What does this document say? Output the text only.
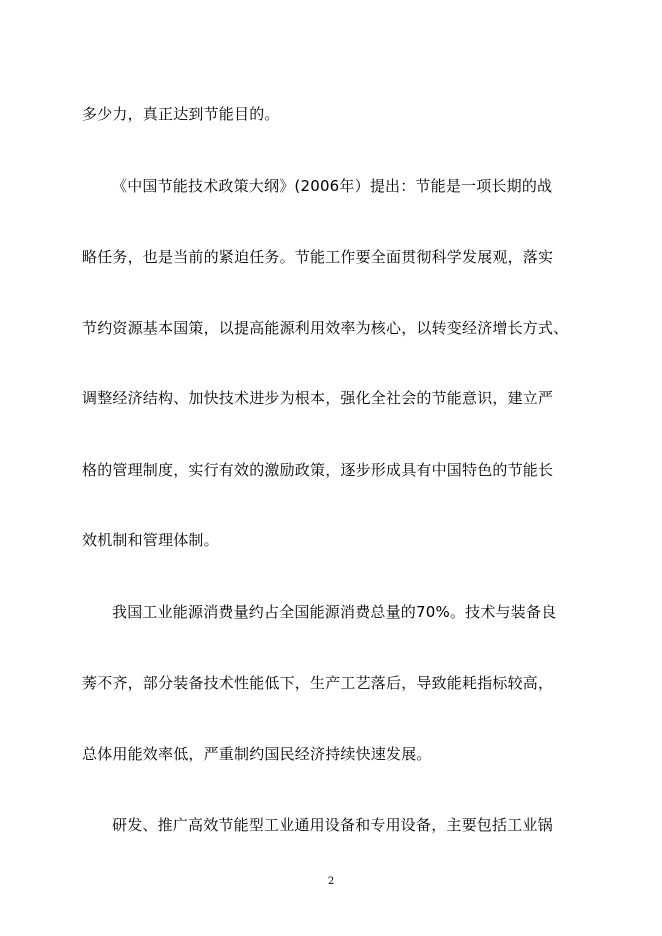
多少力，真正达到节能目的。
《中国节能技术政策大纲》(2006年）提出：节能是一项长期的战
略任务，也是当前的紧迫任务。节能工作要全面贯彻科学发展观，落实
节约资源基本国策，以提高能源利用效率为核心，以转变经济增长方式、
调整经济结构、加快技术进步为根本，强化全社会的节能意识，建立严
格的管理制度，实行有效的激励政策，逐步形成具有中国特色的节能长
效机制和管理体制。
我国工业能源消费量约占全国能源消费总量的70%。技术与装备良
莠不齐，部分装备技术性能低下，生产工艺落后，导致能耗指标较高，
总体用能效率低，严重制约国民经济持续快速发展。
研发、推广高效节能型工业通用设备和专用设备，主要包括工业锅
2
